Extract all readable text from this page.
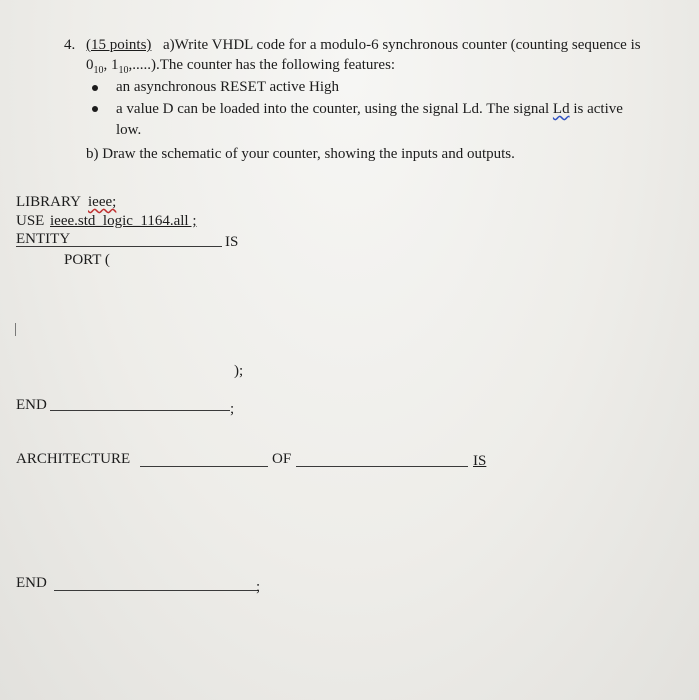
4. (15 points) a)Write VHDL code for a modulo-6 synchronous counter (counting sequence is
$0_{10}$, $1_{10},.....).The$ counter has the following features:
an asynchronous RESET active High
a value D can be loaded into the counter, using the signal Ld. The signal Ld is active
low.
b) Draw the schematic of your counter, showing the inputs and outputs.
LIBRARY ieee;
USE ieee.std_logic_1164.all ;
ENTITY	IS
PORT (
|
);
END	;
ARCHITECTURE	OF	IS
END	;
